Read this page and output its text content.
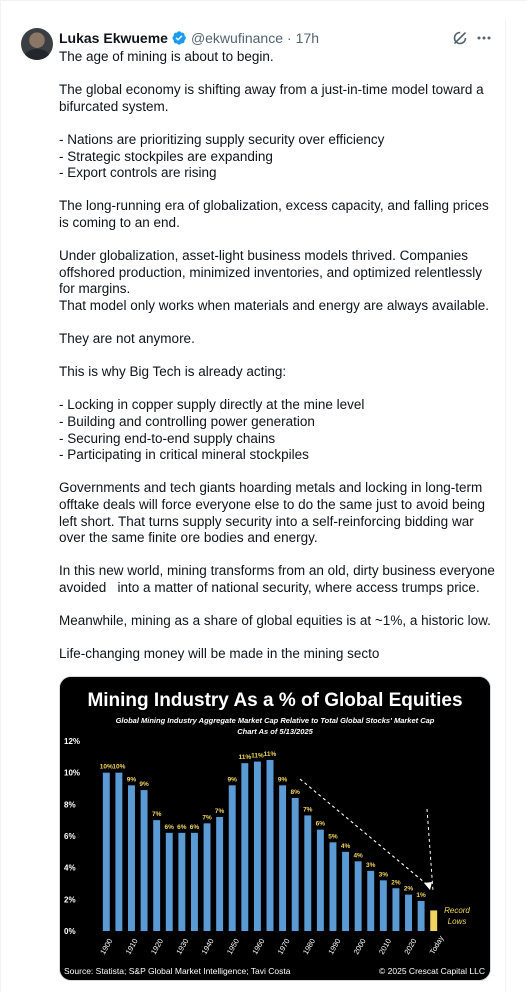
Lukas Ekwueme @ekwufinance · 17h

The age of mining is about to begin.

The global economy is shifting away from a just-in-time model toward a bifurcated system.

- Nations are prioritizing supply security over efficiency
- Strategic stockpiles are expanding
- Export controls are rising

The long-running era of globalization, excess capacity, and falling prices is coming to an end.

Under globalization, asset-light business models thrived. Companies offshored production, minimized inventories, and optimized relentlessly for margins.
That model only works when materials and energy are always available.

They are not anymore.

This is why Big Tech is already acting:

- Locking in copper supply directly at the mine level
- Building and controlling power generation
- Securing end-to-end supply chains
- Participating in critical mineral stockpiles

Governments and tech giants hoarding metals and locking in long-term offtake deals will force everyone else to do the same just to avoid being left short. That turns supply security into a self-reinforcing bidding war over the same finite ore bodies and energy.

In this new world, mining transforms from an old, dirty business everyone avoided   into a matter of national security, where access trumps price.

Meanwhile, mining as a share of global equities is at ~1%, a historic low.

Life-changing money will be made in the mining secto

Mining Industry As a % of Global Equities
Global Mining Industry Aggregate Market Cap Relative to Total Global Stocks' Market Cap
Chart As of 5/13/2025
0%
2%
4%
6%
8%
10%
12%
10% 10%
9%
9%
7%
6% 6% 6%
7%
7%
9%
11% 11% 11%
9%
8%
7%
6%
5%
4%
4%
3%
3%
2%
2%
1%
1900 1910 1920 1930 1940 1950 1960 1970 1980 1990 2000 2010 2020 Today
Record
Lows
Source: Statista; S&P Global Market Intelligence; Tavi Costa	© 2025 Crescat Capital LLC
